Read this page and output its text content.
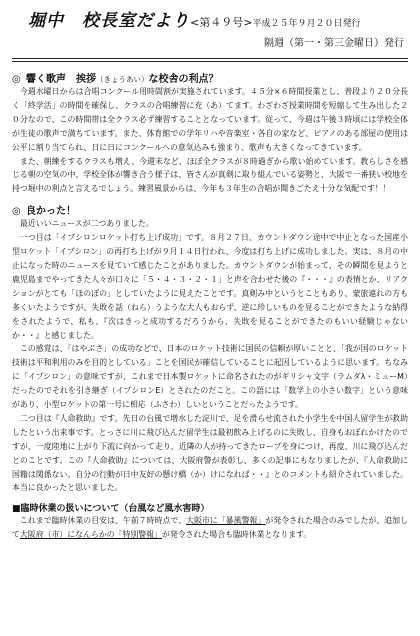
堀中　校長室だより<第４９号>平成２５年９月２０日発行
隔週（第一・第三金曜日）発行
◎ 響く歌声　挨拶（きょうあい）な校舎の利点？

今週水曜日からは合唱コンクール用時間割が実施されています。４５分×６時間授業とし、普段より２０分長く「終学活」の時間を確保し、クラスの合唱練習に充（あ）てます。わざわざ授業時間を短縮して生み出した２０分なので、この時間帯は全クラス必ず練習することとなっています。従って、今週は午後３時頃には学校全体が生徒の歌声で満ちています。また、体育館での学年リハや音楽室・各自の家など、ピアノのある部屋の使用は公平に割り当てられ、日に日にコンクールへの意気込みも強まり、歌声も大きくなってきています。

また、朝練をするクラスも増え、今週末など、ほぼ全クラスが８時過ぎから歌い始めています。教らしさを感じる朝の空気の中、学校全体が響き合う様子は、皆さんが真剣に取り組んでいる姿勢と、大阪で一番狭い校地を持つ堀中の利点と言えるでしょう。練習風景からは、今年も３年生の合唱が聞きごたえ十分な気配です！！

◎ 良かった！

最近いいニュースが二つありました。

一つ目は「イプシロンロケット打ち上げ成功」です。８月２７日、カウントダウン途中で中止となった国産小型ロケット「イプシロン」の再打ち上げが９月１４日行われ、今度は打ち上げに成功しました。実は、８月の中止になった時のニュースを見ていて感じたことがありました。カウントダウンが始まって、その瞬間を見ようと鹿児島までやってきた人々が口々に「５・４・３・２・１」と声を合わせた後の『・・・』の表情とか、リアクションがとても「ほのぼの」としていたように見えたことです。真剣み中というとこともあり、蒙旅遠れの方も多くいたようですが、失敗を話（ねら）うような大人もおらず、逆に珍しいものを見ることができたような納得をされたようで、私も、『次はきっと成功するだろうから、失敗を見ることができたのもいい経験じゃないか・・』と感じました。

この感覚は、「はやぶさ」の成功などで、日本のロケット技術に国民の信頼が厚いことと、「我が国のロケット技術は平和利用のみを目的としている」ことを国民が確信していることに起因しているように思います。ちなみに「イプシロン」の意味ですが、これまで日本製ロケットに命名されたのがギリシャ文字（ラムダλ・ミューM）だったのでそれを引き継ぎ（イプシロンE）とされたのだこと。この語には「数学上の小さい数字」という意味があり、小型ロケットの第一号に相応（ふさわ）しいということだったようです。

二つ目は『人命救助』です。先日の台風で増水した淀川で、足を滑らせ流された小学生を中国人留学生が救助したという出来事です。とっさに川に飛び込んだ留学生は最初飲み上げるのに失敗し、自身もおぼれかけたのですが、一度陸地に上がり下流に向かって走り、近隣の人が持ってきたロープを身につけ、再度、川に飛び込んだとのことです。この『人命救助』については、大阪府警が表彰し、多くの記事にもなりましたが、『人命救助に国籍は関係ない。自分の行動が日中友好の懸け橋（か）けになれば・・』とのコメントも紹介されていました。本当に良かったと思いました。

■臨時休業の扱いについて（台風など風水害時）

これまで臨時休業の目安は、午前７時時点で、大阪市に「暴風警報」が発令された場合のみでしたが、追加して大阪府（市）になんらかの「特別警報」が発令された場合も臨時休業となります。
